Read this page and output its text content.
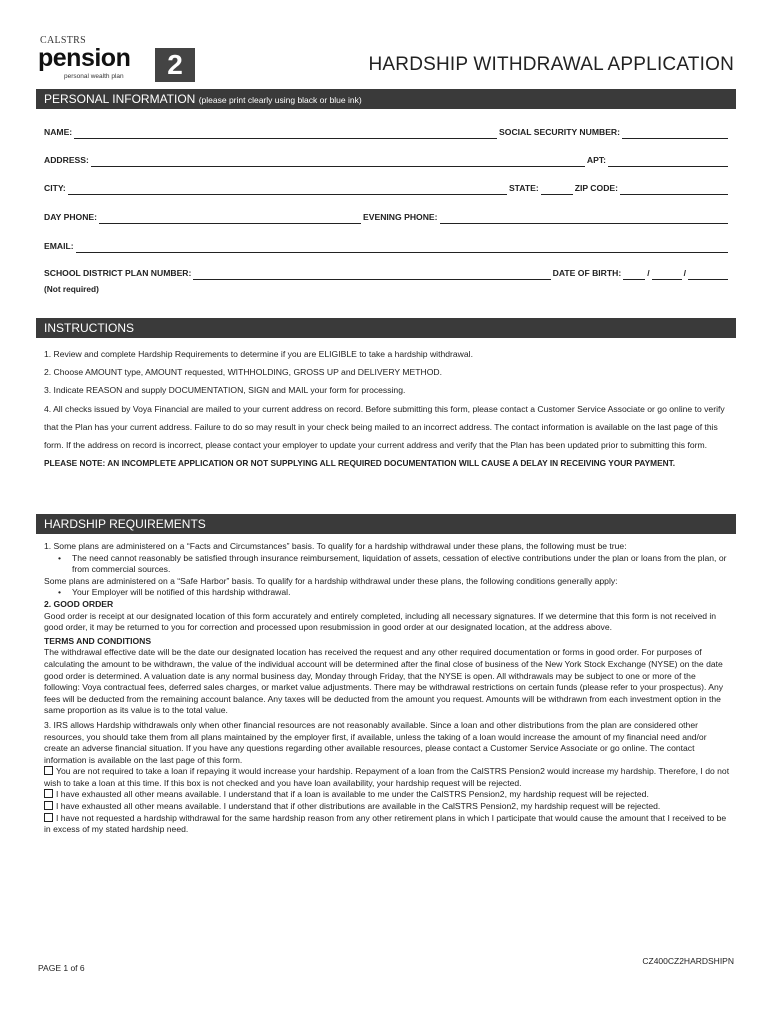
CALSTRS
pension	2
personal wealth plan
HARDSHIP WITHDRAWAL APPLICATION
PERSONAL INFORMATION (please print clearly using black or blue ink)
NAME:	SOCIAL SECURITY NUMBER:
ADDRESS:	APT:
CITY:	STATE:	ZIP CODE:
DAY PHONE:	EVENING PHONE:
EMAIL:
SCHOOL DISTRICT PLAN NUMBER:	DATE OF BIRTH:	/	/
(Not required)
INSTRUCTIONS

1. Review and complete Hardship Requirements to determine if you are ELIGIBLE to take a hardship withdrawal.

2. Choose AMOUNT type, AMOUNT requested, WITHHOLDING, GROSS UP and DELIVERY METHOD.

3. Indicate REASON and supply DOCUMENTATION, SIGN and MAIL your form for processing.

4. All checks issued by Voya Financial are mailed to your current address on record. Before submitting this form, please contact a Customer Service Associate or go online to verify that the Plan has your current address. Failure to do so may result in your check being mailed to an incorrect address. The contact information is available on the last page of this form. If the address on record is incorrect, please contact your employer to update your current address and verify that the Plan has been updated prior to submitting this form.

PLEASE NOTE: AN INCOMPLETE APPLICATION OR NOT SUPPLYING ALL REQUIRED DOCUMENTATION WILL CAUSE A DELAY IN RECEIVING YOUR PAYMENT.

HARDSHIP REQUIREMENTS

1. Some plans are administered on a “Facts and Circumstances” basis. To qualify for a hardship withdrawal under these plans, the following must be true:

• The need cannot reasonably be satisfied through insurance reimbursement, liquidation of assets, cessation of elective contributions under the plan or loans from the plan, or from commercial sources.

Some plans are administered on a “Safe Harbor” basis. To qualify for a hardship withdrawal under these plans, the following conditions generally apply:

• Your Employer will be notified of this hardship withdrawal.

2. GOOD ORDER

Good order is receipt at our designated location of this form accurately and entirely completed, including all necessary signatures. If we determine that this form is not received in good order, it may be returned to you for correction and processed upon resubmission in good order at our designated location, at the address above.

TERMS AND CONDITIONS

The withdrawal effective date will be the date our designated location has received the request and any other required documentation or forms in good order. For purposes of calculating the amount to be withdrawn, the value of the individual account will be determined after the final close of business of the New York Stock Exchange (NYSE) on the date good order is determined. A valuation date is any normal business day, Monday through Friday, that the NYSE is open. All withdrawals may be subject to one or more of the following: Voya contractual fees, deferred sales charges, or market value adjustments. There may be withdrawal restrictions on certain funds (please refer to your prospectus). Any fees will be deducted from the remaining account balance. Any taxes will be deducted from the amount you request. Amounts will be withdrawn from each investment option in the same proportion as its value is to the total value.

3. IRS allows Hardship withdrawals only when other financial resources are not reasonably available. Since a loan and other distributions from the plan are considered other resources, you should take them from all plans maintained by the employer first, if available, unless the taking of a loan would increase the amount of my financial need and/or create an adverse financial situation. If you have any questions regarding other available resources, please contact a Customer Service Associate or go online. The contact information is available on the last page of this form.

You are not required to take a loan if repaying it would increase your hardship. Repayment of a loan from the CalSTRS Pension2 would increase my hardship. Therefore, I do not wish to take a loan at this time. If this box is not checked and you have loan availability, your hardship request will be rejected.

I have exhausted all other means available. I understand that if a loan is available to me under the CalSTRS Pension2, my hardship request will be rejected.

I have exhausted all other means available. I understand that if other distributions are available in the CalSTRS Pension2, my hardship request will be rejected.

I have not requested a hardship withdrawal for the same hardship reason from any other retirement plans in which I participate that would cause the amount that I received to be in excess of my stated hardship need.

PAGE 1 of 6
CZ400CZ2HARDSHIPN
